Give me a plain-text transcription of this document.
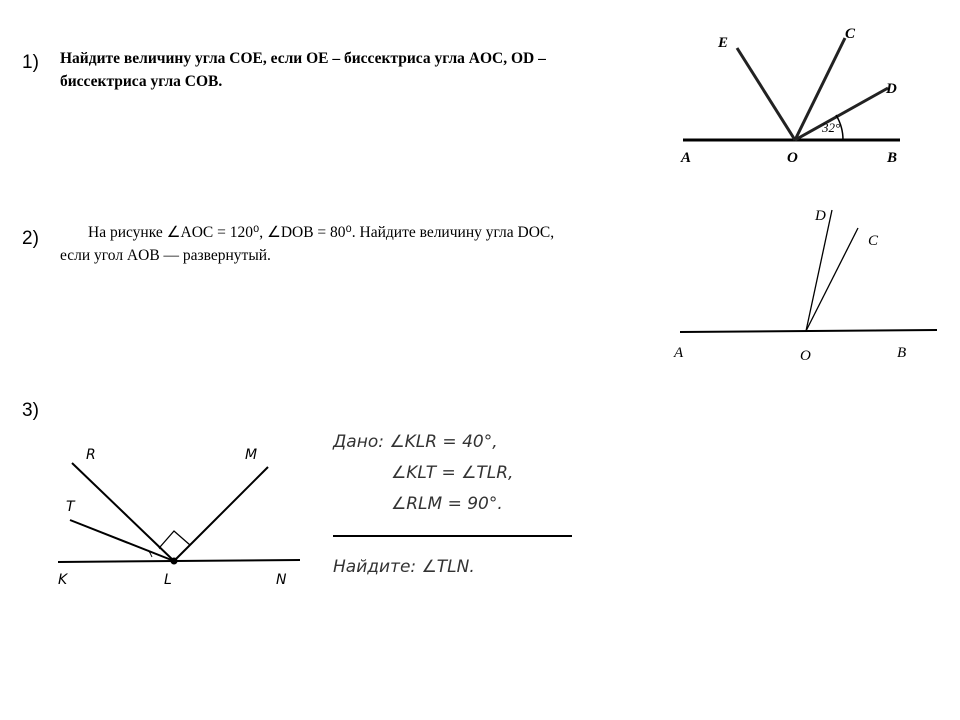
1) Найдите величину угла COE, если OE – биссектриса угла AOC, OD –
биссектриса угла COB.
E
C
D
A	O	B
32°
2)	На рисунке ∠AOC = 120⁰, ∠DOB = 80⁰. Найдите величину угла DOC,
если угол AOB — развернутый.
D
C
A	O	B
3)
R	M
T
K	L	N
Дано: ∠KLR = 40°,
∠KLT = ∠TLR,
∠RLM = 90°.
Найдите: ∠TLN.
